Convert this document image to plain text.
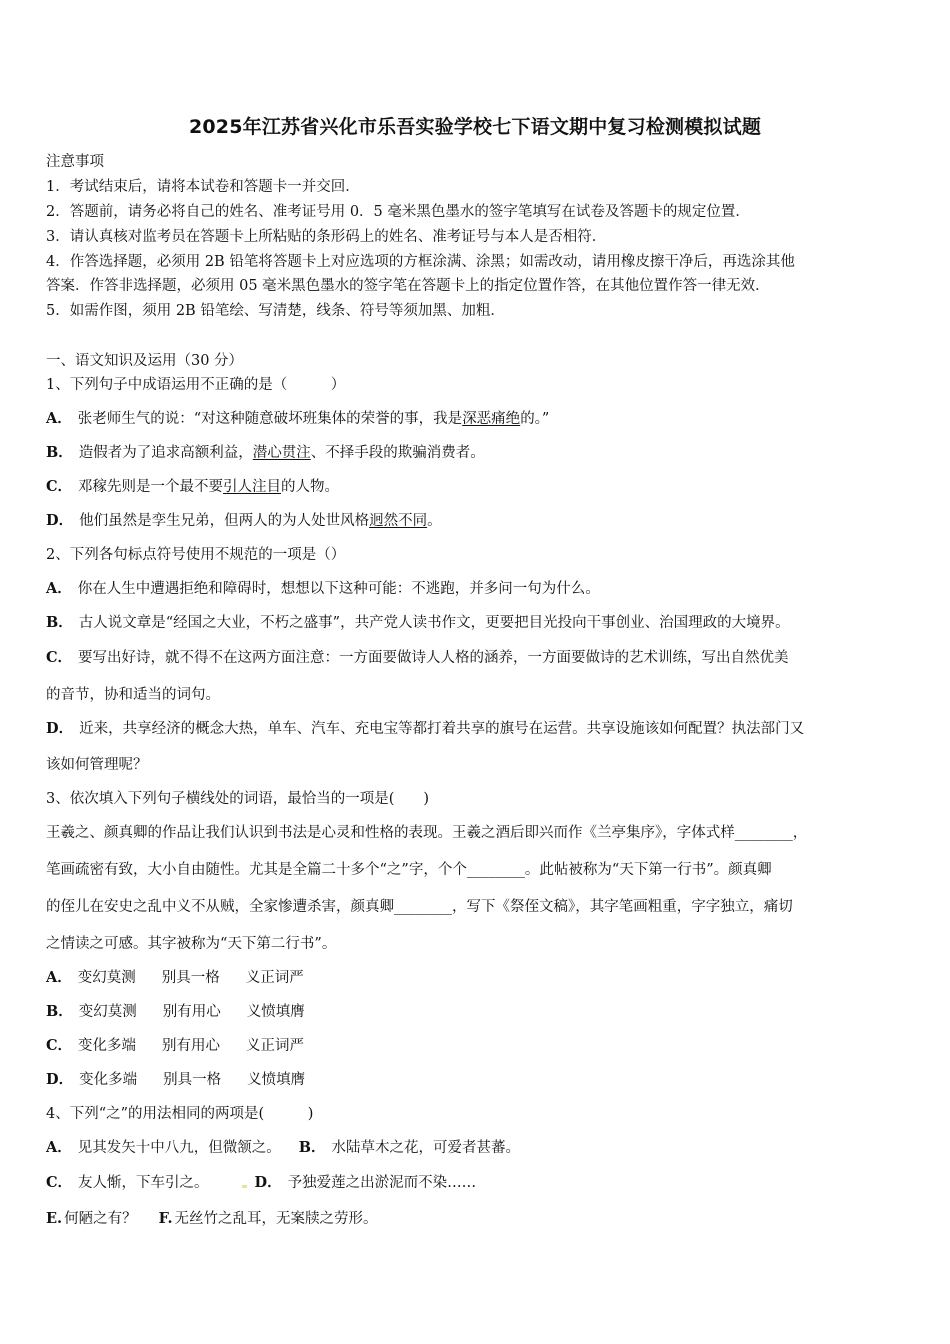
2025年江苏省兴化市乐吾实验学校七下语文期中复习检测模拟试题
注意事项
1．考试结束后，请将本试卷和答题卡一并交回．
2．答题前，请务必将自己的姓名、准考证号用 0．5 毫米黑色墨水的签字笔填写在试卷及答题卡的规定位置．
3．请认真核对监考员在答题卡上所粘贴的条形码上的姓名、准考证号与本人是否相符．
4．作答选择题，必须用 2B 铅笔将答题卡上对应选项的方框涂满、涂黑；如需改动，请用橡皮擦干净后，再选涂其他
答案．作答非选择题，必须用 05 毫米黑色墨水的签字笔在答题卡上的指定位置作答，在其他位置作答一律无效．
5．如需作图，须用 2B 铅笔绘、写清楚，线条、符号等须加黑、加粗．
一、语文知识及运用（30 分）
1、下列句子中成语运用不正确的是（　　　）
A． 张老师生气的说：“对这种随意破坏班集体的荣誉的事，我是深恶痛绝的。”
B． 造假者为了追求高额利益，潜心贯注、不择手段的欺骗消费者。
C． 邓稼先则是一个最不要引人注目的人物。
D． 他们虽然是孪生兄弟，但两人的为人处世风格迥然不同。
2、下列各句标点符号使用不规范的一项是（）
A． 你在人生中遭遇拒绝和障碍时，想想以下这种可能：不逃跑，并多问一句为什么。
B． 古人说文章是“经国之大业，不朽之盛事”，共产党人读书作文，更要把目光投向干事创业、治国理政的大境界。
C． 要写出好诗，就不得不在这两方面注意：一方面要做诗人人格的涵养，一方面要做诗的艺术训练，写出自然优美
的音节，协和适当的词句。
D． 近来，共享经济的概念大热，单车、汽车、充电宝等都打着共享的旗号在运营。共享设施该如何配置？执法部门又
该如何管理呢？
3、依次填入下列句子横线处的词语，最恰当的一项是(　　)
王羲之、颜真卿的作品让我们认识到书法是心灵和性格的表现。王羲之酒后即兴而作《兰亭集序》，字体式样________，
笔画疏密有致，大小自由随性。尤其是全篇二十多个“之”字，个个________。此帖被称为“天下第一行书”。颜真卿
的侄儿在安史之乱中义不从贼，全家惨遭杀害，颜真卿________，写下《祭侄文稿》，其字笔画粗重，字字独立，痛切
之情读之可感。其字被称为“天下第二行书”。
A． 变幻莫测 别具一格 义正词严
B． 变幻莫测 别有用心 义愤填膺
C． 变化多端 别有用心 义正词严
D． 变化多端 别具一格 义愤填膺
4、下列“之”的用法相同的两项是(　　　)
A． 见其发矢十中八九，但微颔之。 B． 水陆草木之花，可爱者甚蕃。
C． 友人惭，下车引之。	D． 予独爱莲之出淤泥而不染……
E. 何陋之有？ F. 无丝竹之乱耳，无案牍之劳形。
